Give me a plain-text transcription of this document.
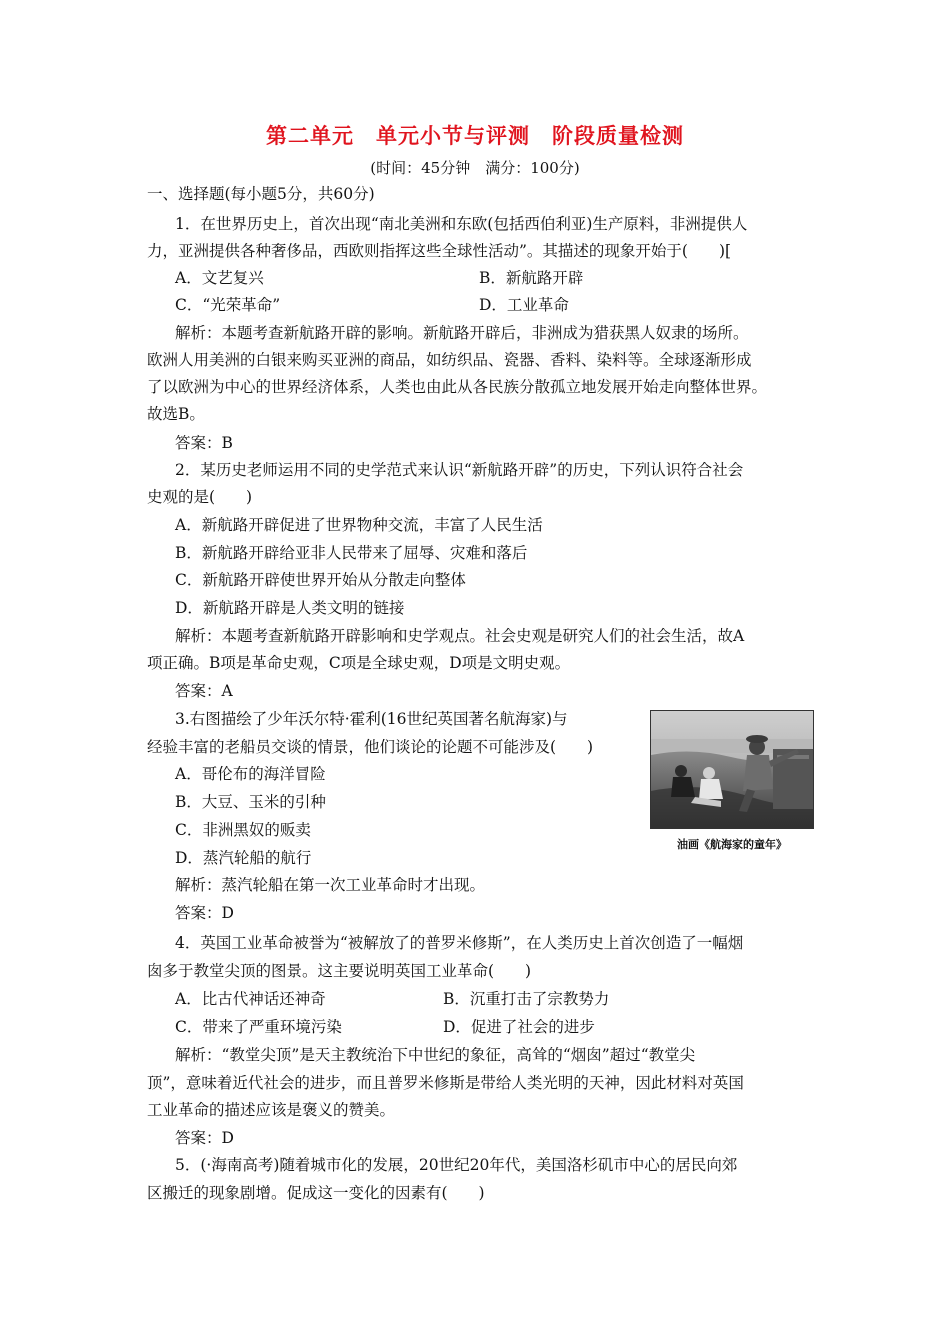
第二单元　单元小节与评测　阶段质量检测
(时间：45分钟　满分：100分)
一、选择题(每小题5分，共60分)
1．在世界历史上，首次出现“南北美洲和东欧(包括西伯利亚)生产原料，非洲提供人
力，亚洲提供各种奢侈品，西欧则指挥这些全球性活动”。其描述的现象开始于(　　)[
A．文艺复兴	B．新航路开辟
C．“光荣革命”	D．工业革命
解析：本题考查新航路开辟的影响。新航路开辟后，非洲成为猎获黑人奴隶的场所。
欧洲人用美洲的白银来购买亚洲的商品，如纺织品、瓷器、香料、染料等。全球逐渐形成
了以欧洲为中心的世界经济体系，人类也由此从各民族分散孤立地发展开始走向整体世界。
故选B。
答案：B
2．某历史老师运用不同的史学范式来认识“新航路开辟”的历史，下列认识符合社会
史观的是(　　)
A．新航路开辟促进了世界物种交流，丰富了人民生活
B．新航路开辟给亚非人民带来了屈辱、灾难和落后
C．新航路开辟使世界开始从分散走向整体
D．新航路开辟是人类文明的链接
解析：本题考查新航路开辟影响和史学观点。社会史观是研究人们的社会生活，故A
项正确。B项是革命史观，C项是全球史观，D项是文明史观。
答案：A
3.右图描绘了少年沃尔特·霍利(16世纪英国著名航海家)与
经验丰富的老船员交谈的情景，他们谈论的论题不可能涉及(　　)
A．哥伦布的海洋冒险
B．大豆、玉米的引种
C．非洲黑奴的贩卖
D．蒸汽轮船的航行
解析：蒸汽轮船在第一次工业革命时才出现。
答案：D
油画《航海家的童年》
4．英国工业革命被誉为“被解放了的普罗米修斯”，在人类历史上首次创造了一幅烟
囱多于教堂尖顶的图景。这主要说明英国工业革命(　　)
A．比古代神话还神奇	B．沉重打击了宗教势力
C．带来了严重环境污染	D．促进了社会的进步
解析：“教堂尖顶”是天主教统治下中世纪的象征，高耸的“烟囱”超过“教堂尖
顶”，意味着近代社会的进步，而且普罗米修斯是带给人类光明的天神，因此材料对英国
工业革命的描述应该是褒义的赞美。
答案：D
5．(·海南高考)随着城市化的发展，20世纪20年代，美国洛杉矶市中心的居民向郊
区搬迁的现象剧增。促成这一变化的因素有(　　)
